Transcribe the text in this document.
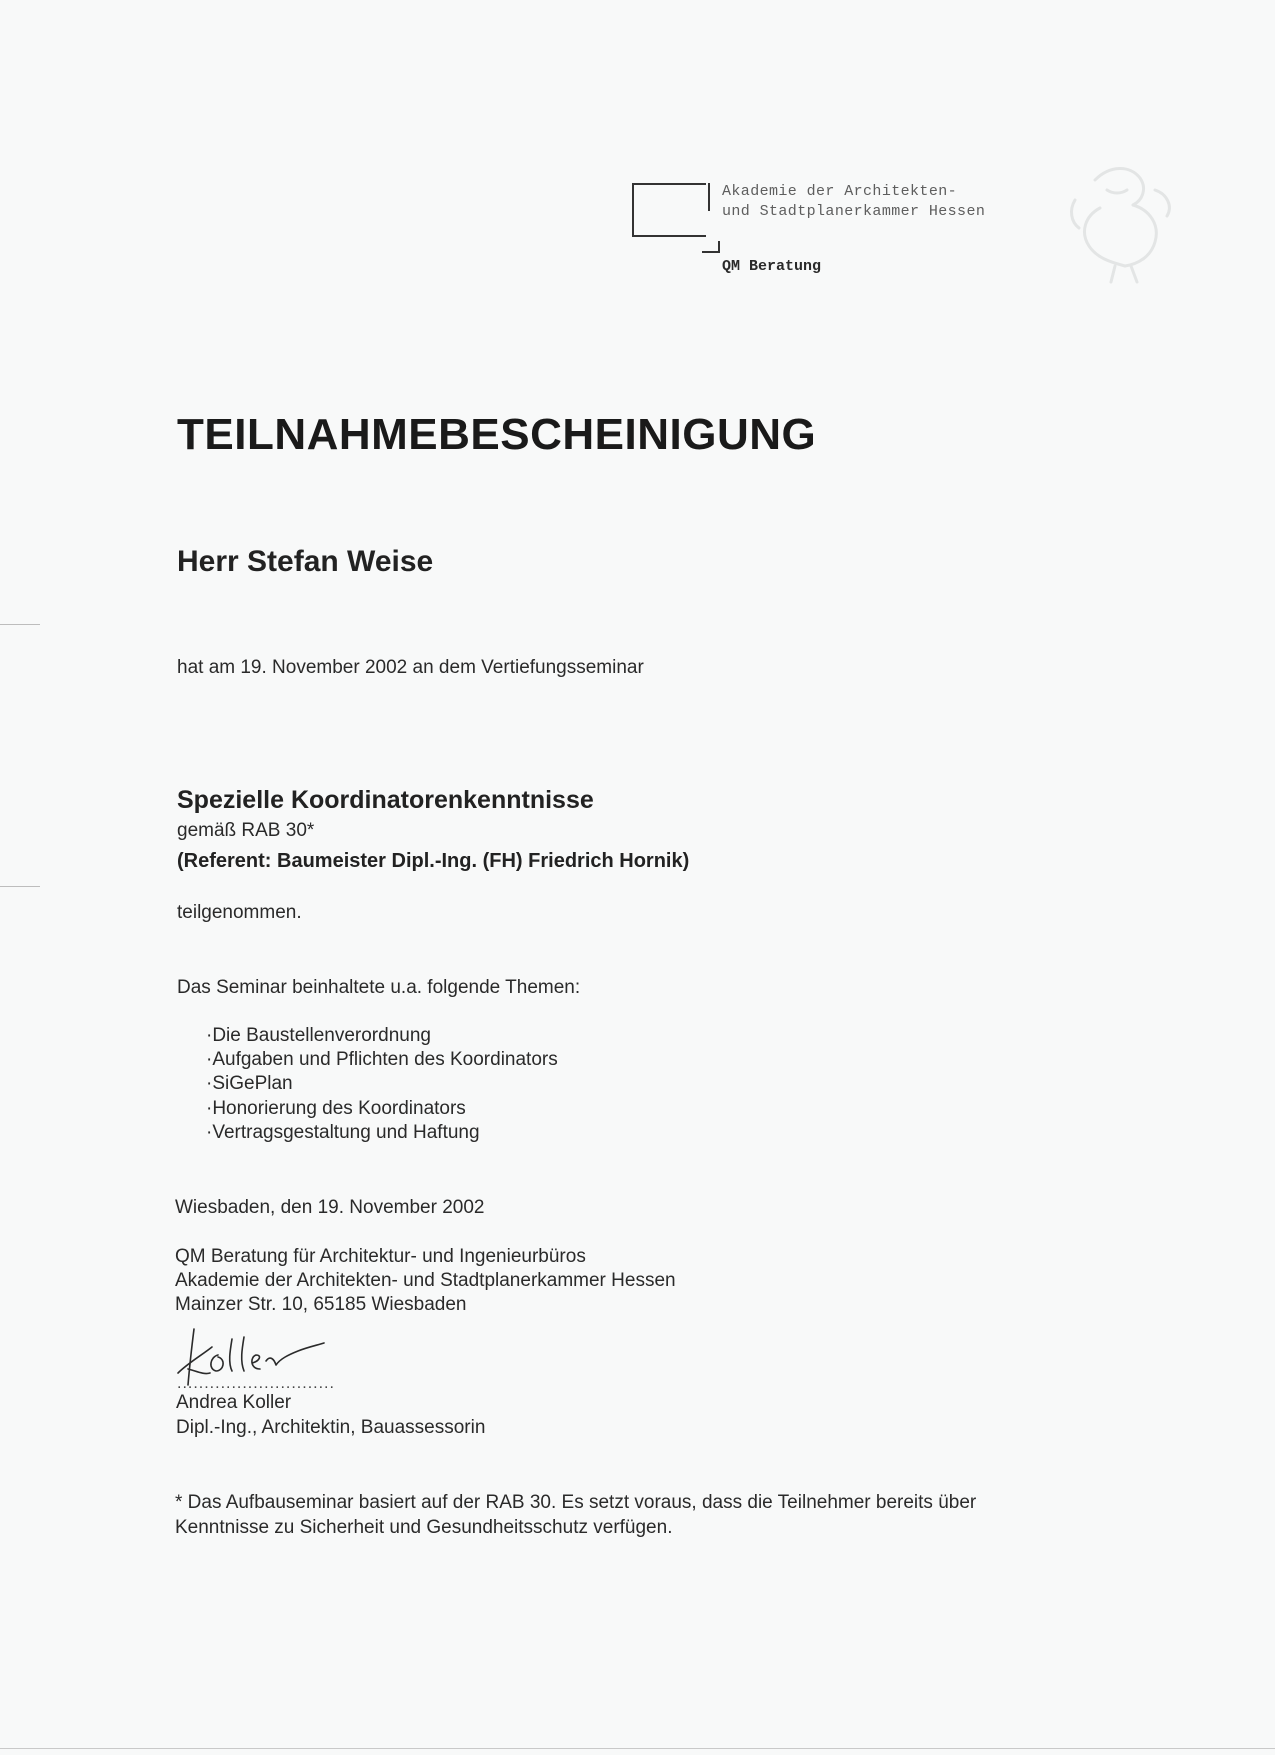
Akademie der Architekten-
und Stadtplanerkammer Hessen
QM Beratung
TEILNAHMEBESCHEINIGUNG
Herr Stefan Weise
hat am 19. November 2002 an dem Vertiefungsseminar
Spezielle Koordinatorenkenntnisse
gemäß RAB 30*
(Referent: Baumeister Dipl.-Ing. (FH) Friedrich Hornik)
teilgenommen.
Das Seminar beinhaltete u.a. folgende Themen:
·Die Baustellenverordnung
·Aufgaben und Pflichten des Koordinators
·SiGePlan
·Honorierung des Koordinators
·Vertragsgestaltung und Haftung
Wiesbaden, den 19. November 2002
QM Beratung für Architektur- und Ingenieurbüros
Akademie der Architekten- und Stadtplanerkammer Hessen
Mainzer Str. 10, 65185 Wiesbaden
.............................
Andrea Koller
Dipl.-Ing., Architektin, Bauassessorin
* Das Aufbauseminar basiert auf der RAB 30. Es setzt voraus, dass die Teilnehmer bereits über
Kenntnisse zu Sicherheit und Gesundheitsschutz verfügen.
